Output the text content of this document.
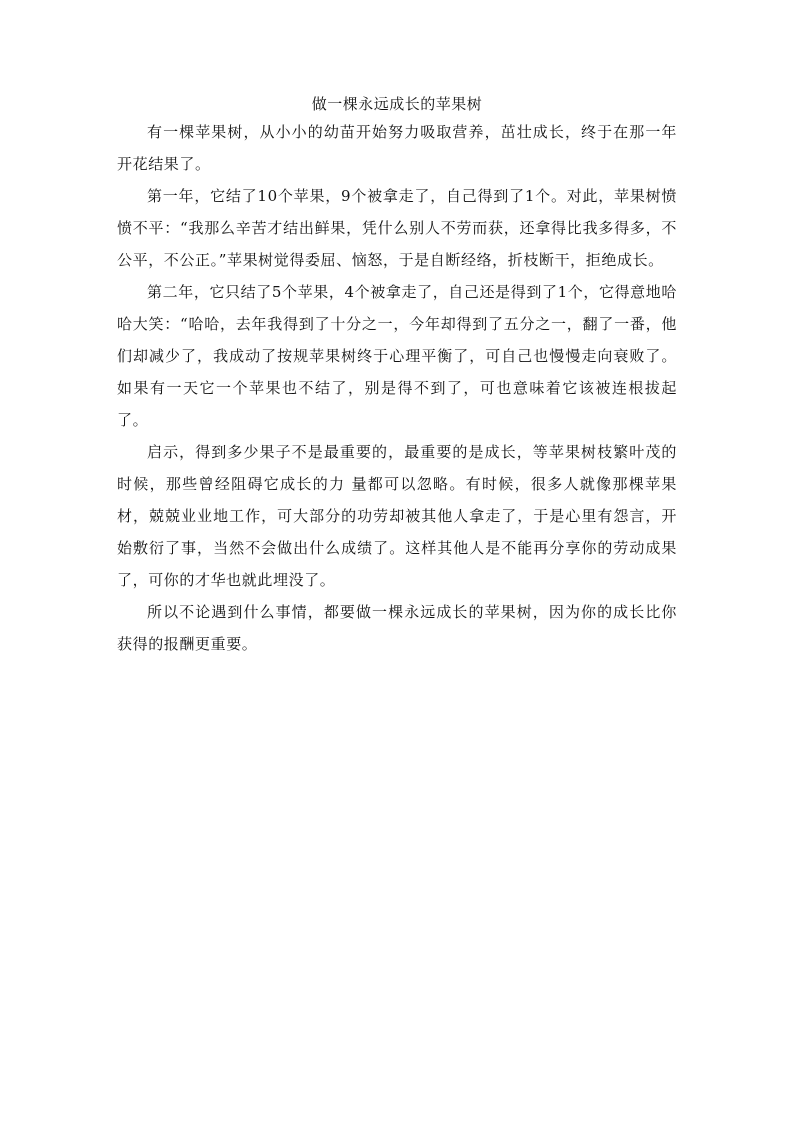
做一棵永远成长的苹果树

有一棵苹果树，从小小的幼苗开始努力吸取营养，茁壮成长，终于在那一年开花结果了。

第一年，它结了10个苹果，9个被拿走了，自己得到了1个。对此，苹果树愤愤不平：“我那么辛苦才结出鲜果，凭什么别人不劳而获，还拿得比我多得多，不公平，不公正。”苹果树觉得委屈、恼怒，于是自断经络，折枝断干，拒绝成长。

第二年，它只结了5个苹果，4个被拿走了，自己还是得到了1个，它得意地哈哈大笑：“哈哈，去年我得到了十分之一，今年却得到了五分之一，翻了一番，他们却减少了，我成动了按规苹果树终于心理平衡了，可自己也慢慢走向衰败了。如果有一天它一个苹果也不结了，别是得不到了，可也意味着它该被连根拔起了。

启示，得到多少果子不是最重要的，最重要的是成长，等苹果树枝繁叶茂的时候，那些曾经阻碍它成长的力 量都可以忽略。有时候，很多人就像那棵苹果材，兢兢业业地工作，可大部分的功劳却被其他人拿走了，于是心里有怨言，开始敷衍了事，当然不会做出什么成绩了。这样其他人是不能再分享你的劳动成果了，可你的才华也就此埋没了。

所以不论遇到什么事情，都要做一棵永远成长的苹果树，因为你的成长比你获得的报酬更重要。
